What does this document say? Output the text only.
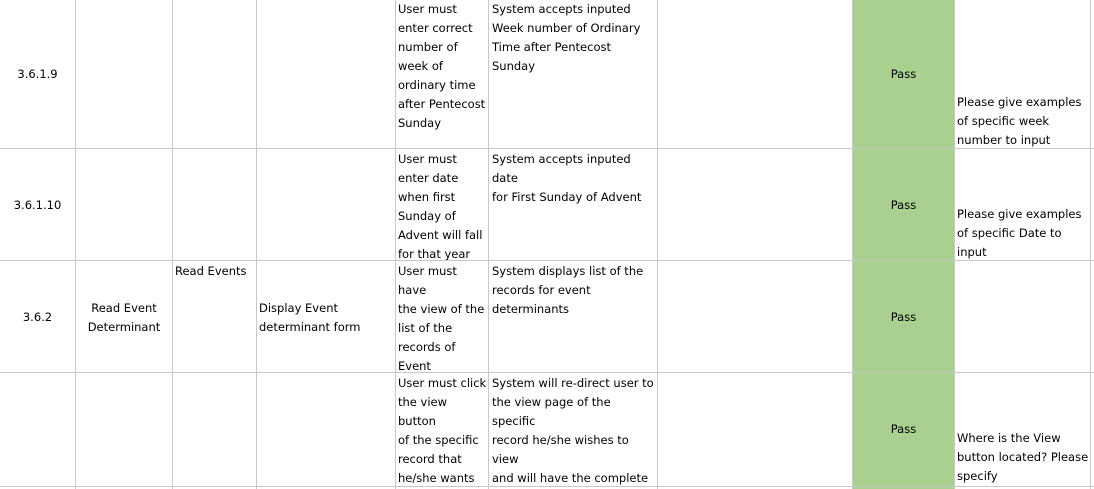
3.6.1.9
User must
enter correct
number of
week of
ordinary time
after Pentecost
Sunday
System accepts inputed
Week number of Ordinary
Time after Pentecost Sunday
Pass
Please give examples
of specific week
number to input
3.6.1.10
User must
enter date
when first
Sunday of
Advent will fall
for that year
System accepts inputed date
for First Sunday of Advent
Pass
Please give examples
of specific Date to
input
3.6.2
Read Event
Determinant
Read Events
Display Event
determinant form
User must have
the view of the
list of the
records of
Event

System displays list of the
records for event
determinants
Pass
User must click
the view button
of the specific
record that
he/she wants

System will re-direct user to
the view page of the specific
record he/she wishes to view
and will have the complete

Pass
Where is the View
button located? Please
specify
